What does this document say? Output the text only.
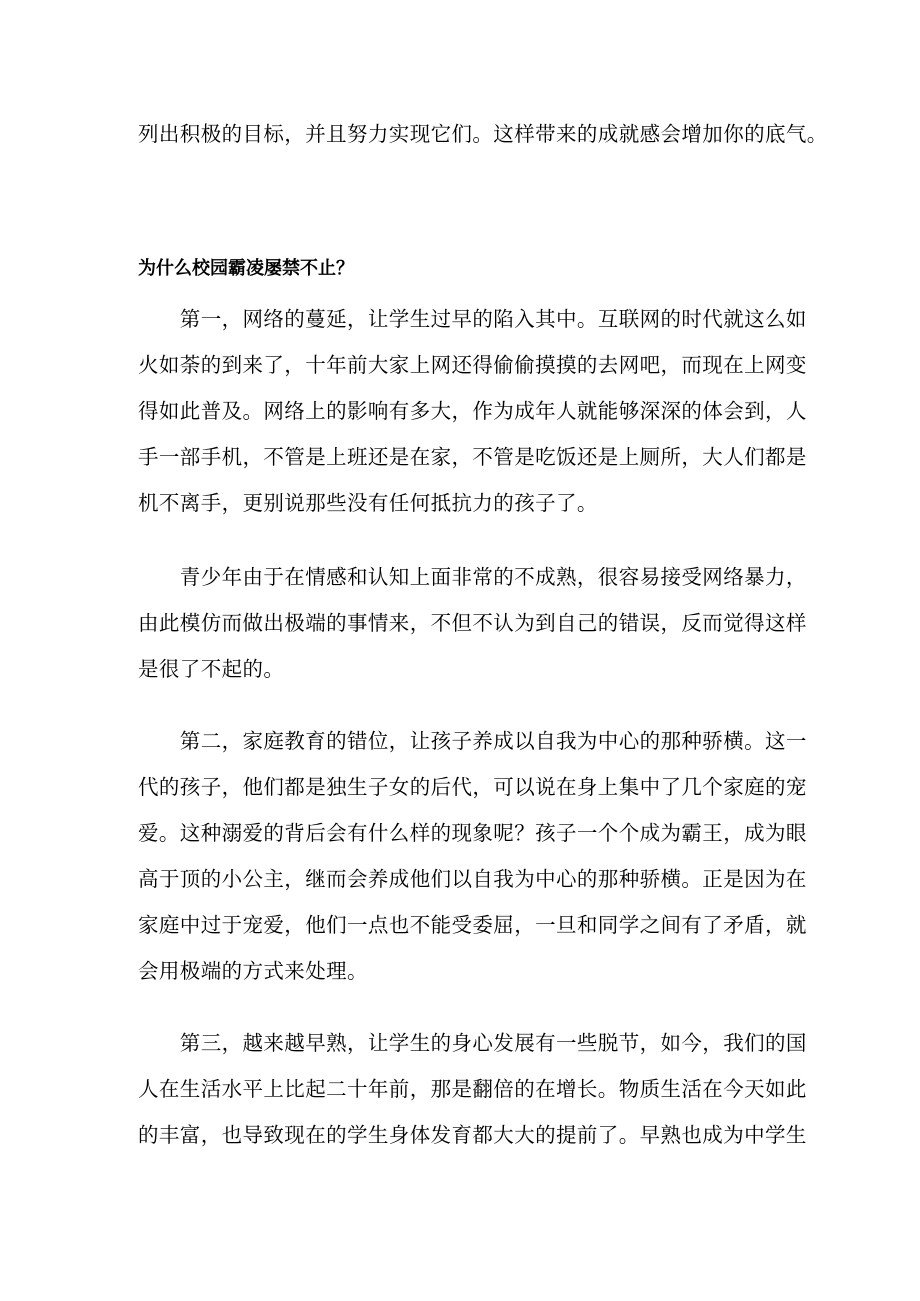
列出积极的目标，并且努力实现它们。这样带来的成就感会增加你的底气。
为什么校园霸凌屡禁不止？
　　第一，网络的蔓延，让学生过早的陷入其中。互联网的时代就这么如
火如荼的到来了，十年前大家上网还得偷偷摸摸的去网吧，而现在上网变
得如此普及。网络上的影响有多大，作为成年人就能够深深的体会到，人
手一部手机，不管是上班还是在家，不管是吃饭还是上厕所，大人们都是
机不离手，更别说那些没有任何抵抗力的孩子了。
　　青少年由于在情感和认知上面非常的不成熟，很容易接受网络暴力，
由此模仿而做出极端的事情来，不但不认为到自己的错误，反而觉得这样
是很了不起的。
　　第二，家庭教育的错位，让孩子养成以自我为中心的那种骄横。这一
代的孩子，他们都是独生子女的后代，可以说在身上集中了几个家庭的宠
爱。这种溺爱的背后会有什么样的现象呢？孩子一个个成为霸王，成为眼
高于顶的小公主，继而会养成他们以自我为中心的那种骄横。正是因为在
家庭中过于宠爱，他们一点也不能受委屈，一旦和同学之间有了矛盾，就
会用极端的方式来处理。
　　第三，越来越早熟，让学生的身心发展有一些脱节，如今，我们的国
人在生活水平上比起二十年前，那是翻倍的在增长。物质生活在今天如此
的丰富，也导致现在的学生身体发育都大大的提前了。早熟也成为中学生
